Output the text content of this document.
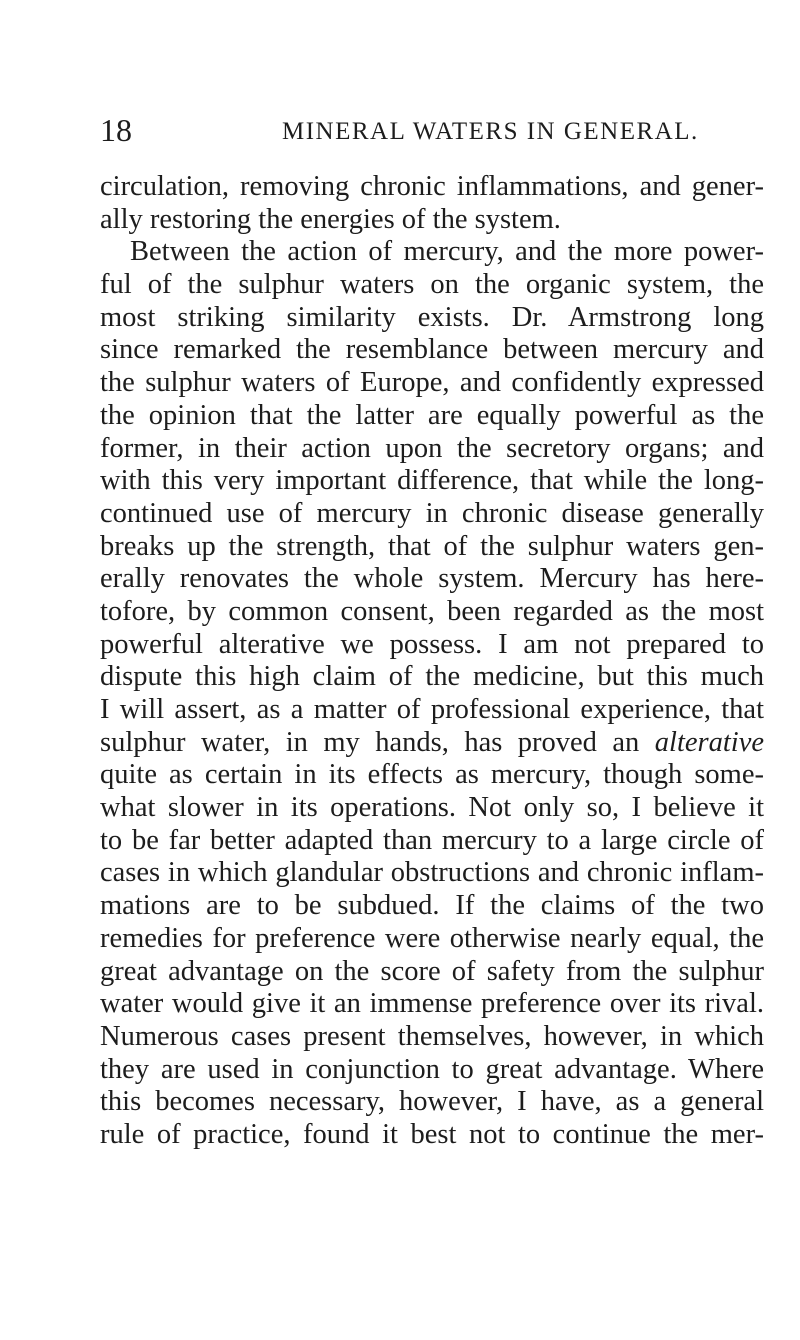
18	MINERAL WATERS IN GENERAL.
circulation, removing chronic inflammations, and gener-
ally restoring the energies of the system.
Between the action of mercury, and the more power-
ful of the sulphur waters on the organic system, the
most striking similarity exists. Dr. Armstrong long
since remarked the resemblance between mercury and
the sulphur waters of Europe, and confidently expressed
the opinion that the latter are equally powerful as the
former, in their action upon the secretory organs; and
with this very important difference, that while the long-
continued use of mercury in chronic disease generally
breaks up the strength, that of the sulphur waters gen-
erally renovates the whole system. Mercury has here-
tofore, by common consent, been regarded as the most
powerful alterative we possess. I am not prepared to
dispute this high claim of the medicine, but this much
I will assert, as a matter of professional experience, that
sulphur water, in my hands, has proved an alterative
quite as certain in its effects as mercury, though some-
what slower in its operations. Not only so, I believe it
to be far better adapted than mercury to a large circle of
cases in which glandular obstructions and chronic inflam-
mations are to be subdued. If the claims of the two
remedies for preference were otherwise nearly equal, the
great advantage on the score of safety from the sulphur
water would give it an immense preference over its rival.
Numerous cases present themselves, however, in which
they are used in conjunction to great advantage. Where
this becomes necessary, however, I have, as a general
rule of practice, found it best not to continue the mer-
